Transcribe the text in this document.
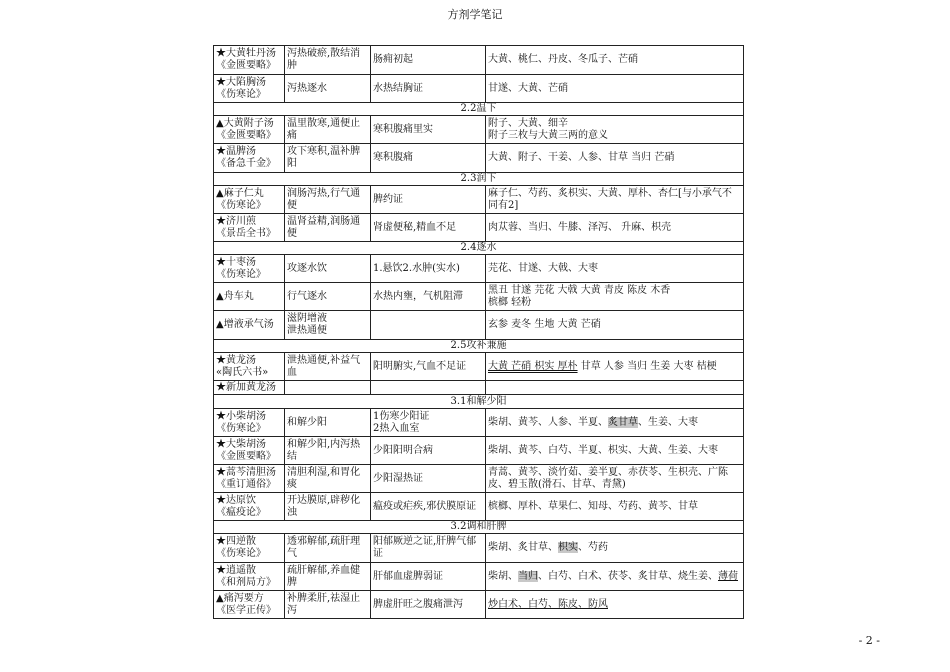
方剂学笔记
★大黄牡丹汤
《金匮要略》	泻热破瘀,散结消肿	肠痈初起	大黄、桃仁、丹皮、冬瓜子、芒硝

★大陷胸汤
《伤寒论》	泻热逐水	水热结胸证	甘遂、大黄、芒硝
2.2温下			

▲大黄附子汤
《金匮要略》	温里散寒,通便止痛	寒积腹痛里实	附子、大黄、细辛
附子三枚与大黄三两的意义

★温脾汤
《备急千金》	攻下寒积,温补脾阳	寒积腹痛	大黄、附子、干姜、人参、甘草 当归 芒硝
2.3润下			

▲麻子仁丸
《伤寒论》	润肠泻热,行气通便	脾约证	麻子仁、芍药、炙枳实、大黄、厚朴、杏仁[与小承气不同有2]

★济川煎
《景岳全书》	温肾益精,润肠通便	肾虚便秘,精血不足	肉苁蓉、当归、牛膝、泽泻、 升麻、枳壳
2.4逐水			

★十枣汤
《伤寒论》	攻逐水饮	1.悬饮2.水肿(实水)	芫花、甘遂、大戟、大枣

▲舟车丸	行气逐水	水热内壅，气机阻滞	黑丑 甘遂 芫花 大戟 大黄 青皮 陈皮 木香
槟榔 轻粉

▲增液承气汤	滋阴增液
泄热通便		玄参 麦冬 生地 大黄 芒硝
2.5攻补兼施			

★黄龙汤
«陶氏六书»	泄热通便,补益气血	阳明腑实,气血不足证	大黄 芒硝 枳实 厚朴 甘草 人参 当归 生姜 大枣 桔梗

★新加黄龙汤			

3.1和解少阳			

★小柴胡汤
《伤寒论》	和解少阳	1伤寒少阳证
2热入血室	柴胡、黄芩、人参、半夏、炙甘草、生姜、大枣

★大柴胡汤
《金匮要略》	和解少阳,内泻热结	少阳阳明合病	柴胡、黄芩、白芍、半夏、枳实、大黄、生姜、大枣

★蒿芩清胆汤
《重订通俗》	清胆利湿,和胃化痰	少阳湿热证	青蒿、黄芩、淡竹茹、姜半夏、赤茯苓、生枳壳、广陈皮、碧玉散(滑石、甘草、青黛)

★达原饮
《瘟疫论》	开达膜原,辟秽化浊	瘟疫或疟疾,邪伏膜原证	槟榔、厚朴、草果仁、知母、芍药、黄芩、甘草
3.2调和肝脾			

★四逆散
《伤寒论》	透邪解郁,疏肝理气	阳郁厥逆之证,肝脾气郁证	柴胡、炙甘草、枳实、芍药

★逍遥散
《和剂局方》	疏肝解郁,养血健脾	肝郁血虚脾弱证	柴胡、当归、白芍、白术、茯苓、炙甘草、烧生姜、薄荷

▲痛泻要方
《医学正传》	补脾柔肝,祛湿止泻	脾虚肝旺之腹痛泄泻	炒白术、白芍、陈皮、防风
- 2 -
